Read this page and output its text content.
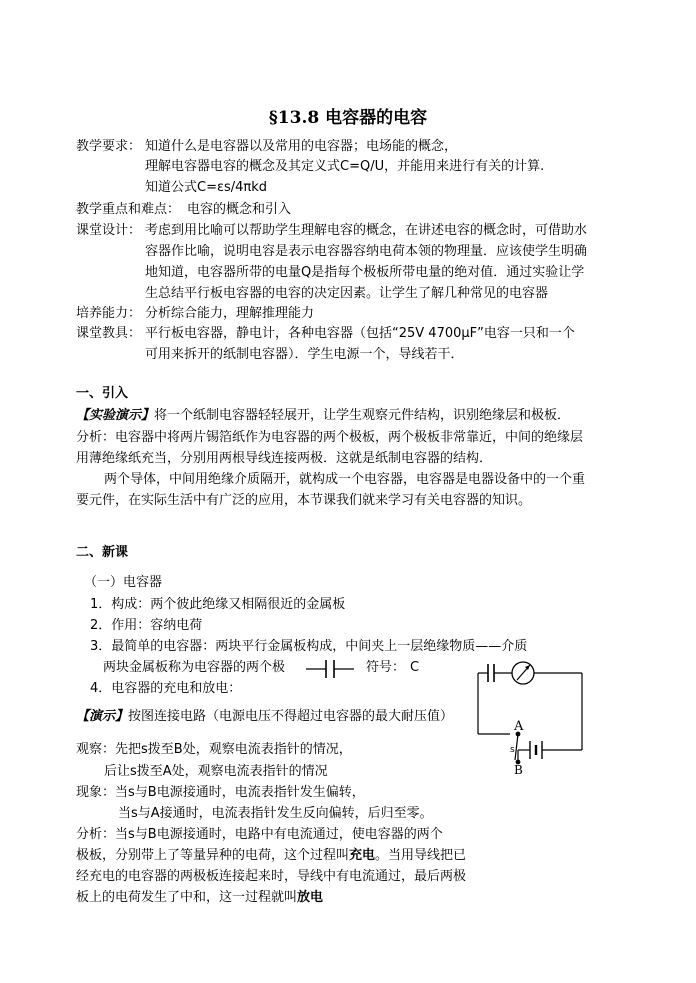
§13.8 电容器的电容
教学要求： 知道什么是电容器以及常用的电容器；电场能的概念，
理解电容器电容的概念及其定义式C=Q/U，并能用来进行有关的计算.
知道公式C=εs/4πkd
教学重点和难点： 电容的概念和引入
课堂设计： 考虑到用比喻可以帮助学生理解电容的概念，在讲述电容的概念时，可借助水
容器作比喻，说明电容是表示电容器容纳电荷本领的物理量．应该使学生明确
地知道，电容器所带的电量Q是指每个极板所带电量的绝对值．通过实验让学
生总结平行板电容器的电容的决定因素。让学生了解几种常见的电容器
培养能力： 分析综合能力，理解推理能力
课堂教具： 平行板电容器，静电计，各种电容器（包括“25V 4700μF”电容一只和一个
可用来拆开的纸制电容器）．学生电源一个，导线若干．
一、引入
【实验演示】将一个纸制电容器轻轻展开，让学生观察元件结构，识别绝缘层和极板．
分析：电容器中将两片锡箔纸作为电容器的两个极板，两个极板非常靠近，中间的绝缘层
用薄绝缘纸充当，分别用两根导线连接两极．这就是纸制电容器的结构．
两个导体，中间用绝缘介质隔开，就构成一个电容器，电容器是电器设备中的一个重
要元件，在实际生活中有广泛的应用，本节课我们就来学习有关电容器的知识。
二、新课
（一）电容器
1．构成：两个彼此绝缘又相隔很近的金属板
2．作用：容纳电荷
3．最简单的电容器：两块平行金属板构成，中间夹上一层绝缘物质——介质
两块金属板称为电容器的两个极	符号： C
4．电容器的充电和放电：
【演示】按图连接电路（电源电压不得超过电容器的最大耐压值）
观察：先把s拨至B处，观察电流表指针的情况，
后让s拨至A处，观察电流表指针的情况
现象：当s与B电源接通时，电流表指针发生偏转，
当s与A接通时，电流表指针发生反向偏转，后归至零。
分析：当s与B电源接通时，电路中有电流通过，使电容器的两个
极板，分别带上了等量异种的电荷，这个过程叫充电。当用导线把已
经充电的电容器的两极板连接起来时，导线中有电流通过，最后两极
板上的电荷发生了中和，这一过程就叫放电
A
s
B
